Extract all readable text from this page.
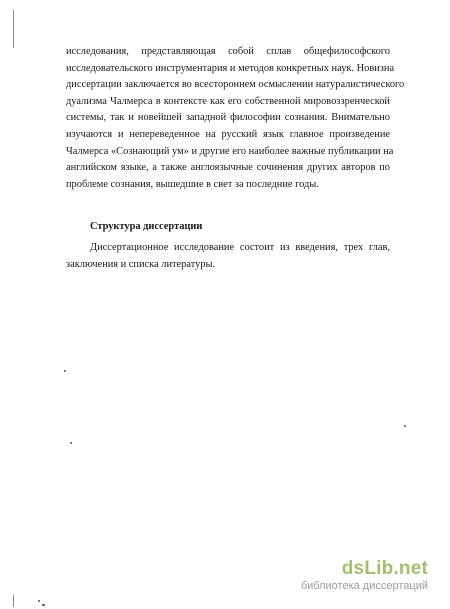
исследования, представляющая собой сплав общефилософского
исследовательского инструментария и методов конкретных наук. Новизна
диссертации заключается во всестороннем осмыслении натуралистического
дуализма Чалмерса в контексте как его собственной мировоззренческой
системы, так и новейшей западной философии сознания. Внимательно
изучаются и непереведенное на русский язык главное произведение
Чалмерса «Сознающий ум» и другие его наиболее важные публикации на
английском языке, а также англоязычные сочинения других авторов по
проблеме сознания, вышедшие в свет за последние годы.
Структура диссертации
Диссертационное исследование состоит из введения, трех глав,
заключения и списка литературы.
dsLib.net
библиотека диссертаций
